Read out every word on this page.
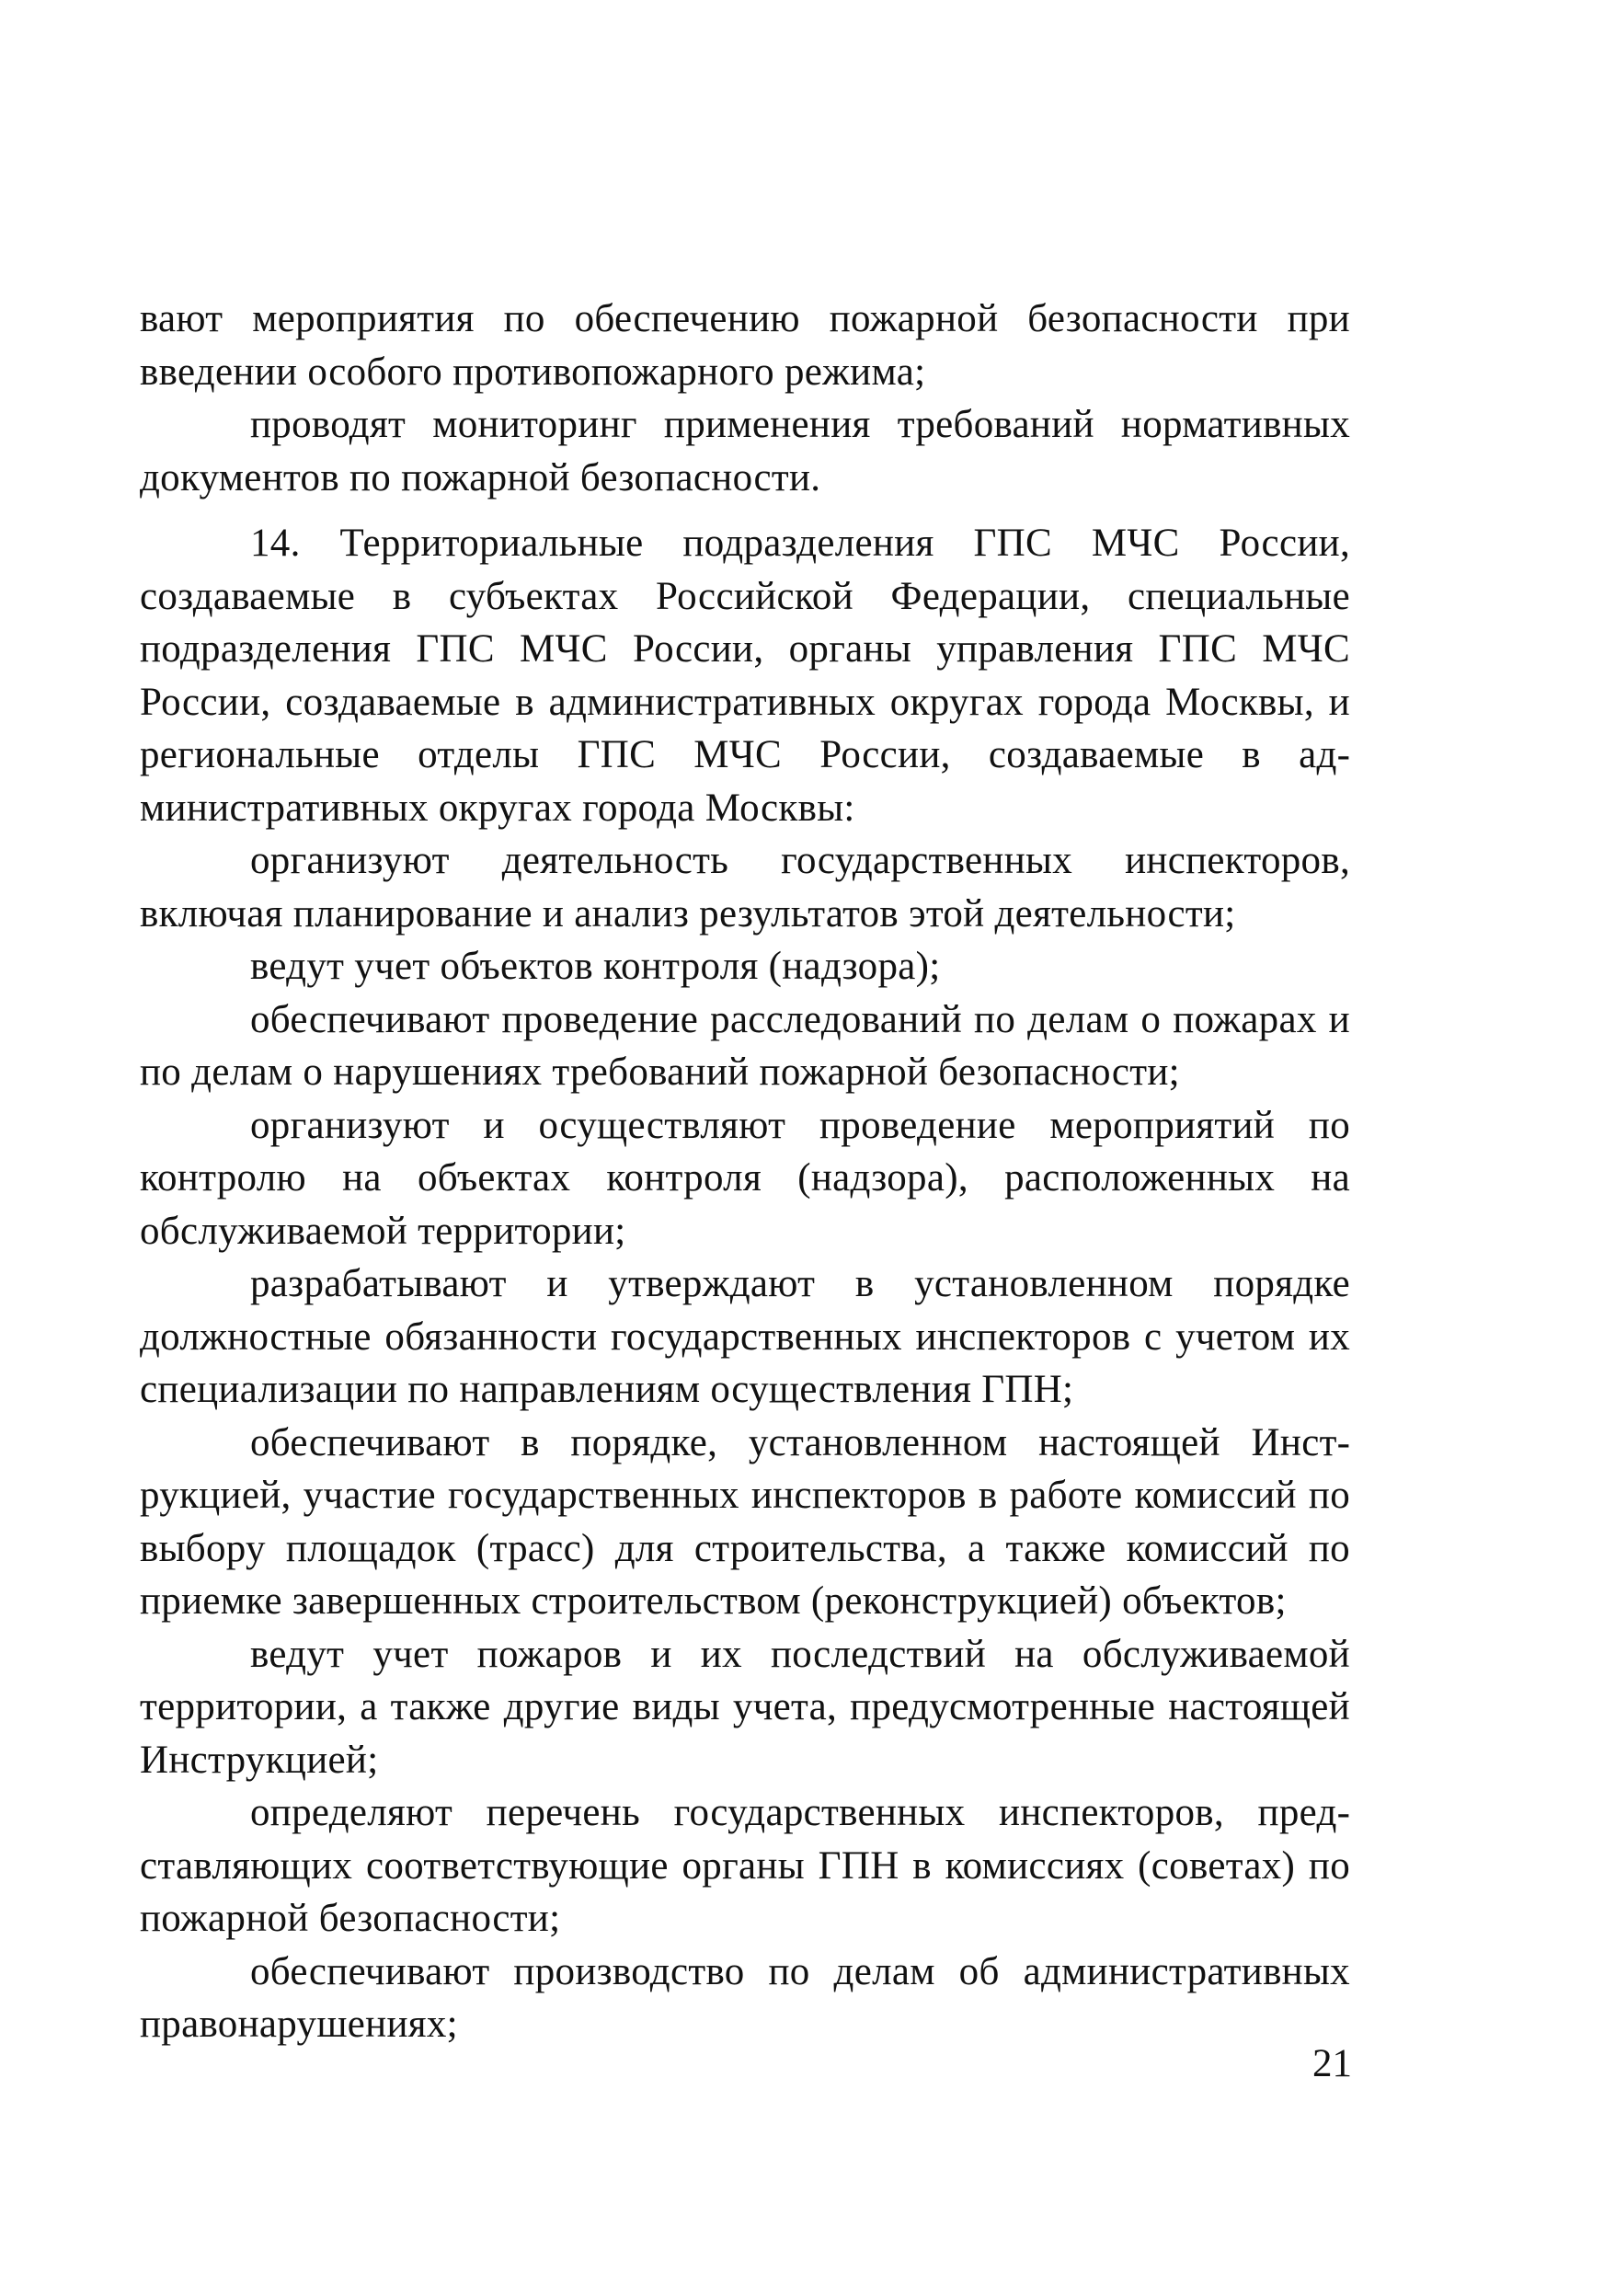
вают мероприятия по обеспечению пожарной безопасности при введении особого противопожарного режима;

проводят мониторинг применения требований нормативных документов по пожарной безопасности.

14. Территориальные подразделения ГПС МЧС России, создаваемые в субъектах Российской Федерации, специальные подразделения ГПС МЧС России, органы управления ГПС МЧС России, создаваемые в административных округах города Москвы, и региональные отделы ГПС МЧС России, создаваемые в административных округах города Москвы:

организуют деятельность государственных инспекторов, включая планирование и анализ результатов этой деятельности;

ведут учет объектов контроля (надзора);

обеспечивают проведение расследований по делам о пожарах и по делам о нарушениях требований пожарной безопасности;

организуют и осуществляют проведение мероприятий по контролю на объектах контроля (надзора), расположенных на обслуживаемой территории;

разрабатывают и утверждают в установленном порядке должностные обязанности государственных инспекторов с учетом их специализации по направлениям осуществления ГПН;

обеспечивают в порядке, установленном настоящей Инструкцией, участие государственных инспекторов в работе комиссий по выбору площадок (трасс) для строительства, а также комиссий по приемке завершенных строительством (реконструкцией) объектов;

ведут учет пожаров и их последствий на обслуживаемой территории, а также другие виды учета, предусмотренные настоящей Инструкцией;

определяют перечень государственных инспекторов, представляющих соответствующие органы ГПН в комиссиях (советах) по пожарной безопасности;

обеспечивают производство по делам об административных правонарушениях;

21
